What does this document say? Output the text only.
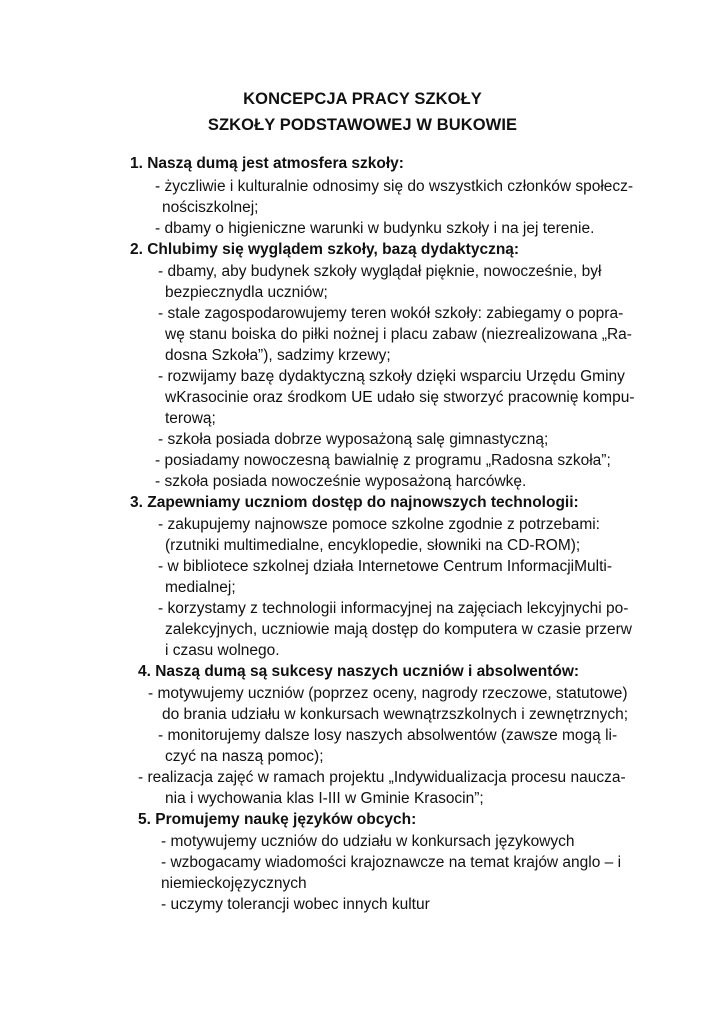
KONCEPCJA PRACY SZKOŁY
SZKOŁY PODSTAWOWEJ W BUKOWIE
1. Naszą dumą jest atmosfera szkoły:
- życzliwie i kulturalnie odnosimy się do wszystkich członków społecz-
nościszkolnej;
- dbamy o higieniczne warunki w budynku szkoły i na jej terenie.
2. Chlubimy się wyglądem szkoły, bazą dydaktyczną:
- dbamy, aby budynek szkoły wyglądał pięknie, nowocześnie, był
bezpiecznydla uczniów;
- stale zagospodarowujemy teren wokół szkoły: zabiegamy o popra-
wę stanu boiska do piłki nożnej i placu zabaw (niezrealizowana „Ra-
dosna Szkoła”), sadzimy krzewy;
- rozwijamy bazę dydaktyczną szkoły dzięki wsparciu Urzędu Gminy
wKrasocinie oraz środkom UE udało się stworzyć pracownię kompu-
terową;
- szkoła posiada dobrze wyposażoną salę gimnastyczną;
- posiadamy nowoczesną bawialnię z programu „Radosna szkoła”;
- szkoła posiada nowocześnie wyposażoną harcówkę.
3. Zapewniamy uczniom dostęp do najnowszych technologii:
- zakupujemy najnowsze pomoce szkolne zgodnie z potrzebami:
(rzutniki multimedialne, encyklopedie, słowniki na CD-ROM);
- w bibliotece szkolnej działa Internetowe Centrum InformacjiMulti-
medialnej;
- korzystamy z technologii informacyjnej na zajęciach lekcyjnychi po-
zalekcyjnych, uczniowie mają dostęp do komputera w czasie przerw
i czasu wolnego.
4. Naszą dumą są sukcesy naszych uczniów i absolwentów:
- motywujemy uczniów (poprzez oceny, nagrody rzeczowe, statutowe)
do brania udziału w konkursach wewnątrzszkolnych i zewnętrznych;
- monitorujemy dalsze losy naszych absolwentów (zawsze mogą li-
czyć na naszą pomoc);
- realizacja zajęć w ramach projektu „Indywidualizacja procesu naucza-
nia i wychowania klas I-III w Gminie Krasocin”;
5. Promujemy naukę języków obcych:
- motywujemy uczniów do udziału w konkursach językowych
- wzbogacamy wiadomości krajoznawcze na temat krajów anglo – i
niemieckojęzycznych
- uczymy tolerancji wobec innych kultur
